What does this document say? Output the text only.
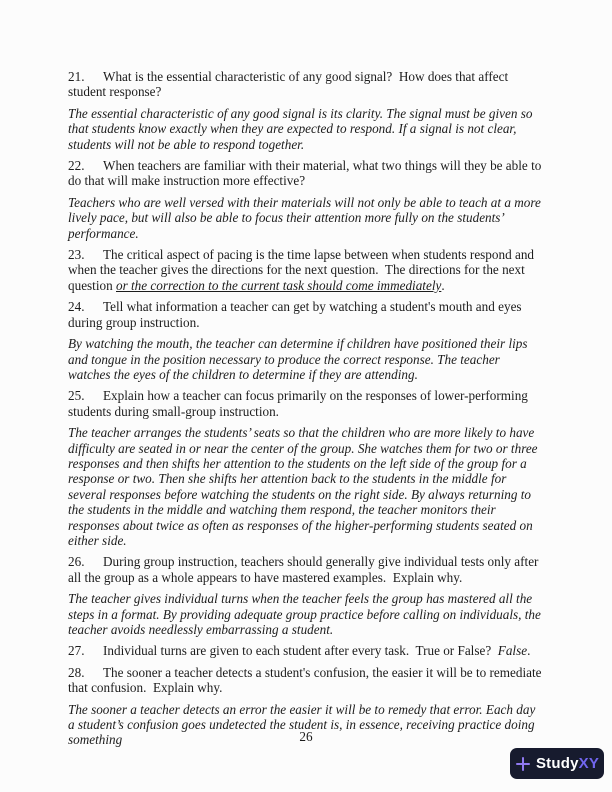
21. What is the essential characteristic of any good signal?  How does that affect student response?

The essential characteristic of any good signal is its clarity. The signal must be given so that students know exactly when they are expected to respond. If a signal is not clear, students will not be able to respond together.

22. When teachers are familiar with their material, what two things will they be able to do that will make instruction more effective?

Teachers who are well versed with their materials will not only be able to teach at a more lively pace, but will also be able to focus their attention more fully on the students’ performance.

23. The critical aspect of pacing is the time lapse between when students respond and when the teacher gives the directions for the next question.  The directions for the next question or the correction to the current task should come immediately.

24. Tell what information a teacher can get by watching a student's mouth and eyes during group instruction.

By watching the mouth, the teacher can determine if children have positioned their lips and tongue in the position necessary to produce the correct response. The teacher watches the eyes of the children to determine if they are attending.

25. Explain how a teacher can focus primarily on the responses of lower-performing students during small-group instruction.

The teacher arranges the students’ seats so that the children who are more likely to have difficulty are seated in or near the center of the group. She watches them for two or three responses and then shifts her attention to the students on the left side of the group for a response or two. Then she shifts her attention back to the students in the middle for several responses before watching the students on the right side. By always returning to the students in the middle and watching them respond, the teacher monitors their responses about twice as often as responses of the higher-performing students seated on either side.

26. During group instruction, teachers should generally give individual tests only after all the group as a whole appears to have mastered examples.  Explain why.

The teacher gives individual turns when the teacher feels the group has mastered all the steps in a format. By providing adequate group practice before calling on individuals, the teacher avoids needlessly embarrassing a student.

27. Individual turns are given to each student after every task.  True or False?  False.

28. The sooner a teacher detects a student's confusion, the easier it will be to remediate that confusion.  Explain why.

The sooner a teacher detects an error the easier it will be to remedy that error. Each day a student’s confusion goes undetected the student is, in essence, receiving practice doing something	26
StudyXY
